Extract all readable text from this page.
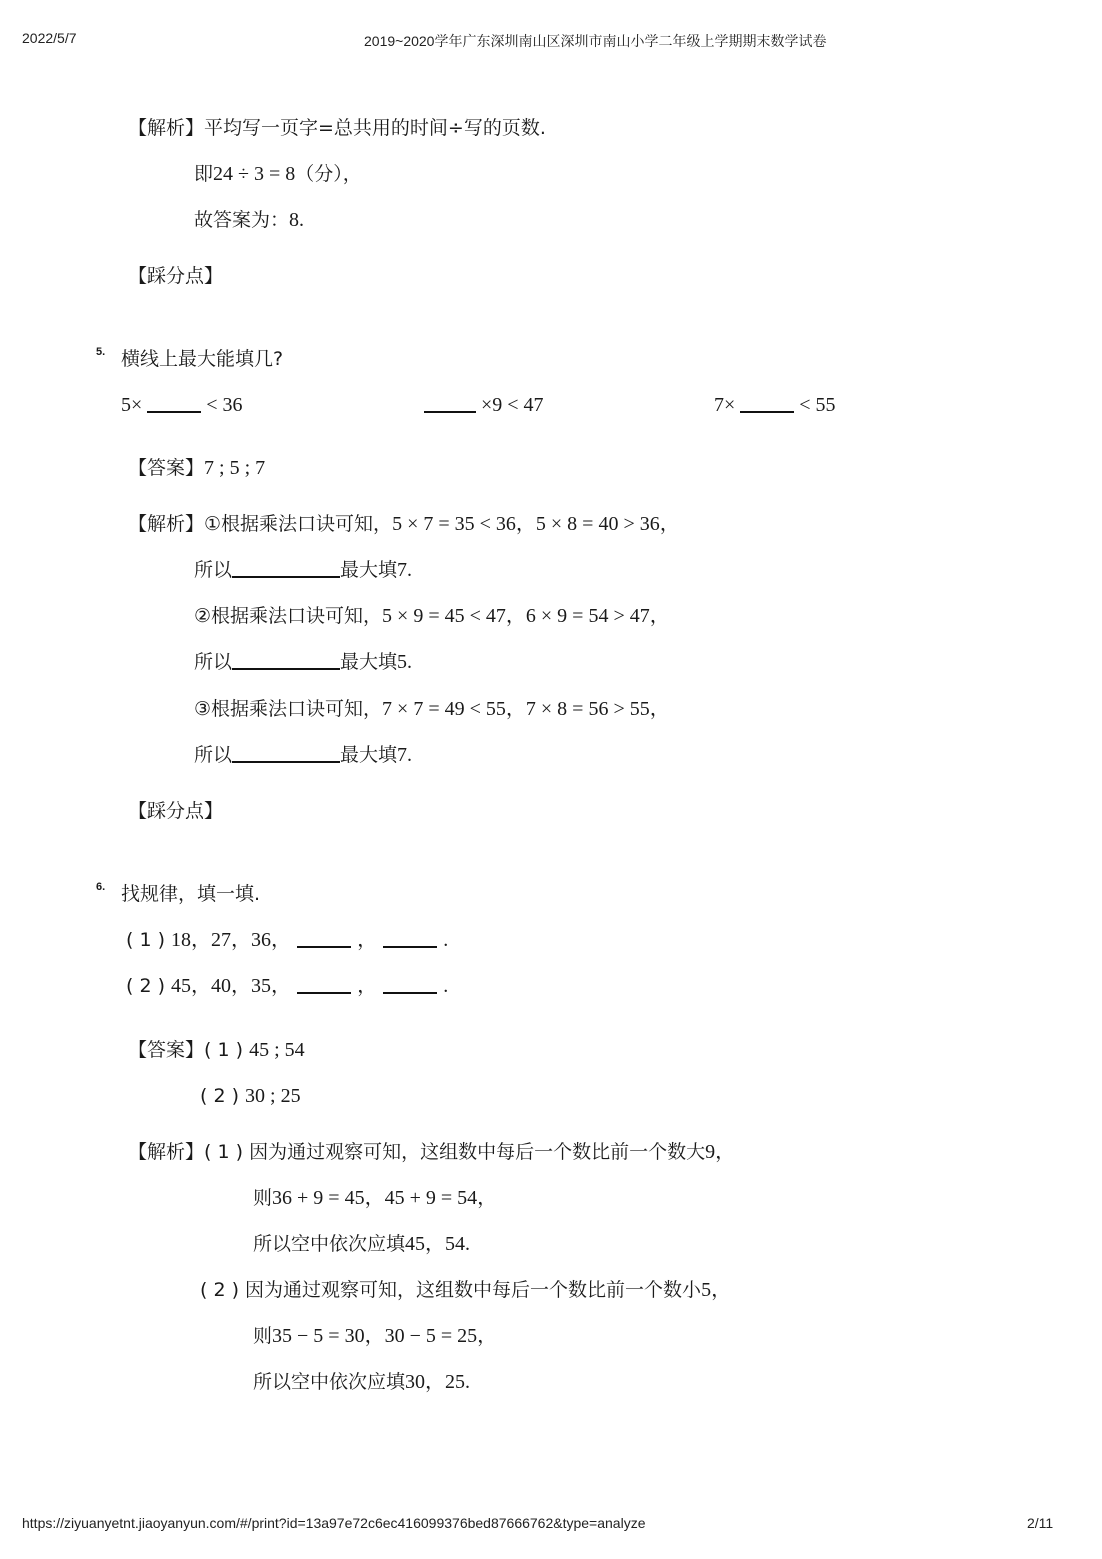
2022/5/7	2019~2020学年广东深圳南山区深圳市南山小学二年级上学期期末数学试卷
【解析】平均写一页字=总共用的时间÷写的页数.
即24 ÷ 3 = 8（分），
故答案为：8.
【踩分点】
5. 横线上最大能填几?
5×	< 36	×9 < 47	7×	< 55
【答案】7 ; 5 ; 7
【解析】①根据乘法口诀可知，5 × 7 = 35 < 36，5 × 8 = 40 > 36，
所以	最大填7.
②根据乘法口诀可知，5 × 9 = 45 < 47，6 × 9 = 54 > 47，
所以	最大填5.
③根据乘法口诀可知，7 × 7 = 49 < 55，7 × 8 = 56 > 55，
所以	最大填7.
【踩分点】
6. 找规律，填一填.
( 1 ) 18，27，36，	，	.
( 2 ) 45，40，35，	，	.
【答案】( 1 ) 45 ; 54
( 2 ) 30 ; 25
【解析】( 1 ) 因为通过观察可知，这组数中每后一个数比前一个数大9，
则36 + 9 = 45，45 + 9 = 54，
所以空中依次应填45，54.
( 2 ) 因为通过观察可知，这组数中每后一个数比前一个数小5，
则35 − 5 = 30，30 − 5 = 25，
所以空中依次应填30，25.
https://ziyuanyetnt.jiaoyanyun.com/#/print?id=13a97e72c6ec416099376bed87666762&type=analyze	2/11
